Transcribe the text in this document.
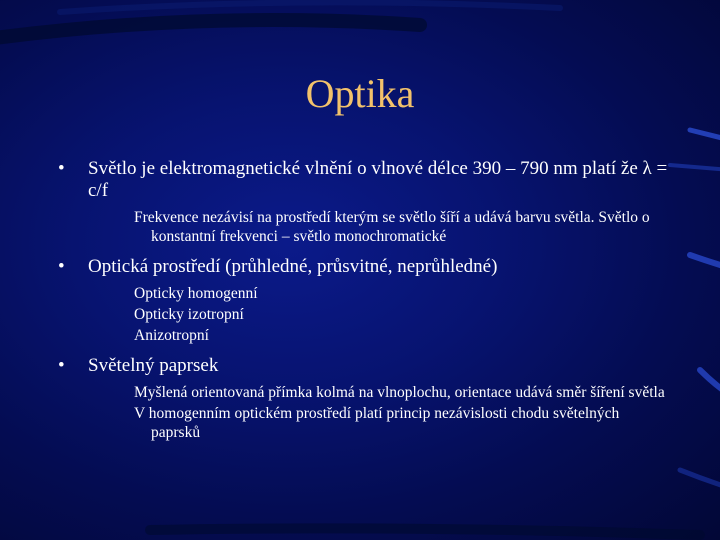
Optika
• Světlo je elektromagnetické vlnění o vlnové délce 390 – 790 nm platí že λ = c/f
Frekvence nezávisí na prostředí kterým se světlo šíří a udává barvu světla. Světlo o konstantní frekvenci – světlo monochromatické
• Optická prostředí (průhledné, průsvitné, neprůhledné)
Opticky homogenní
Opticky izotropní
Anizotropní
• Světelný paprsek
Myšlená orientovaná přímka kolmá na vlnoplochu, orientace udává směr šíření světla
V homogenním optickém prostředí platí princip nezávislosti chodu světelných paprsků
